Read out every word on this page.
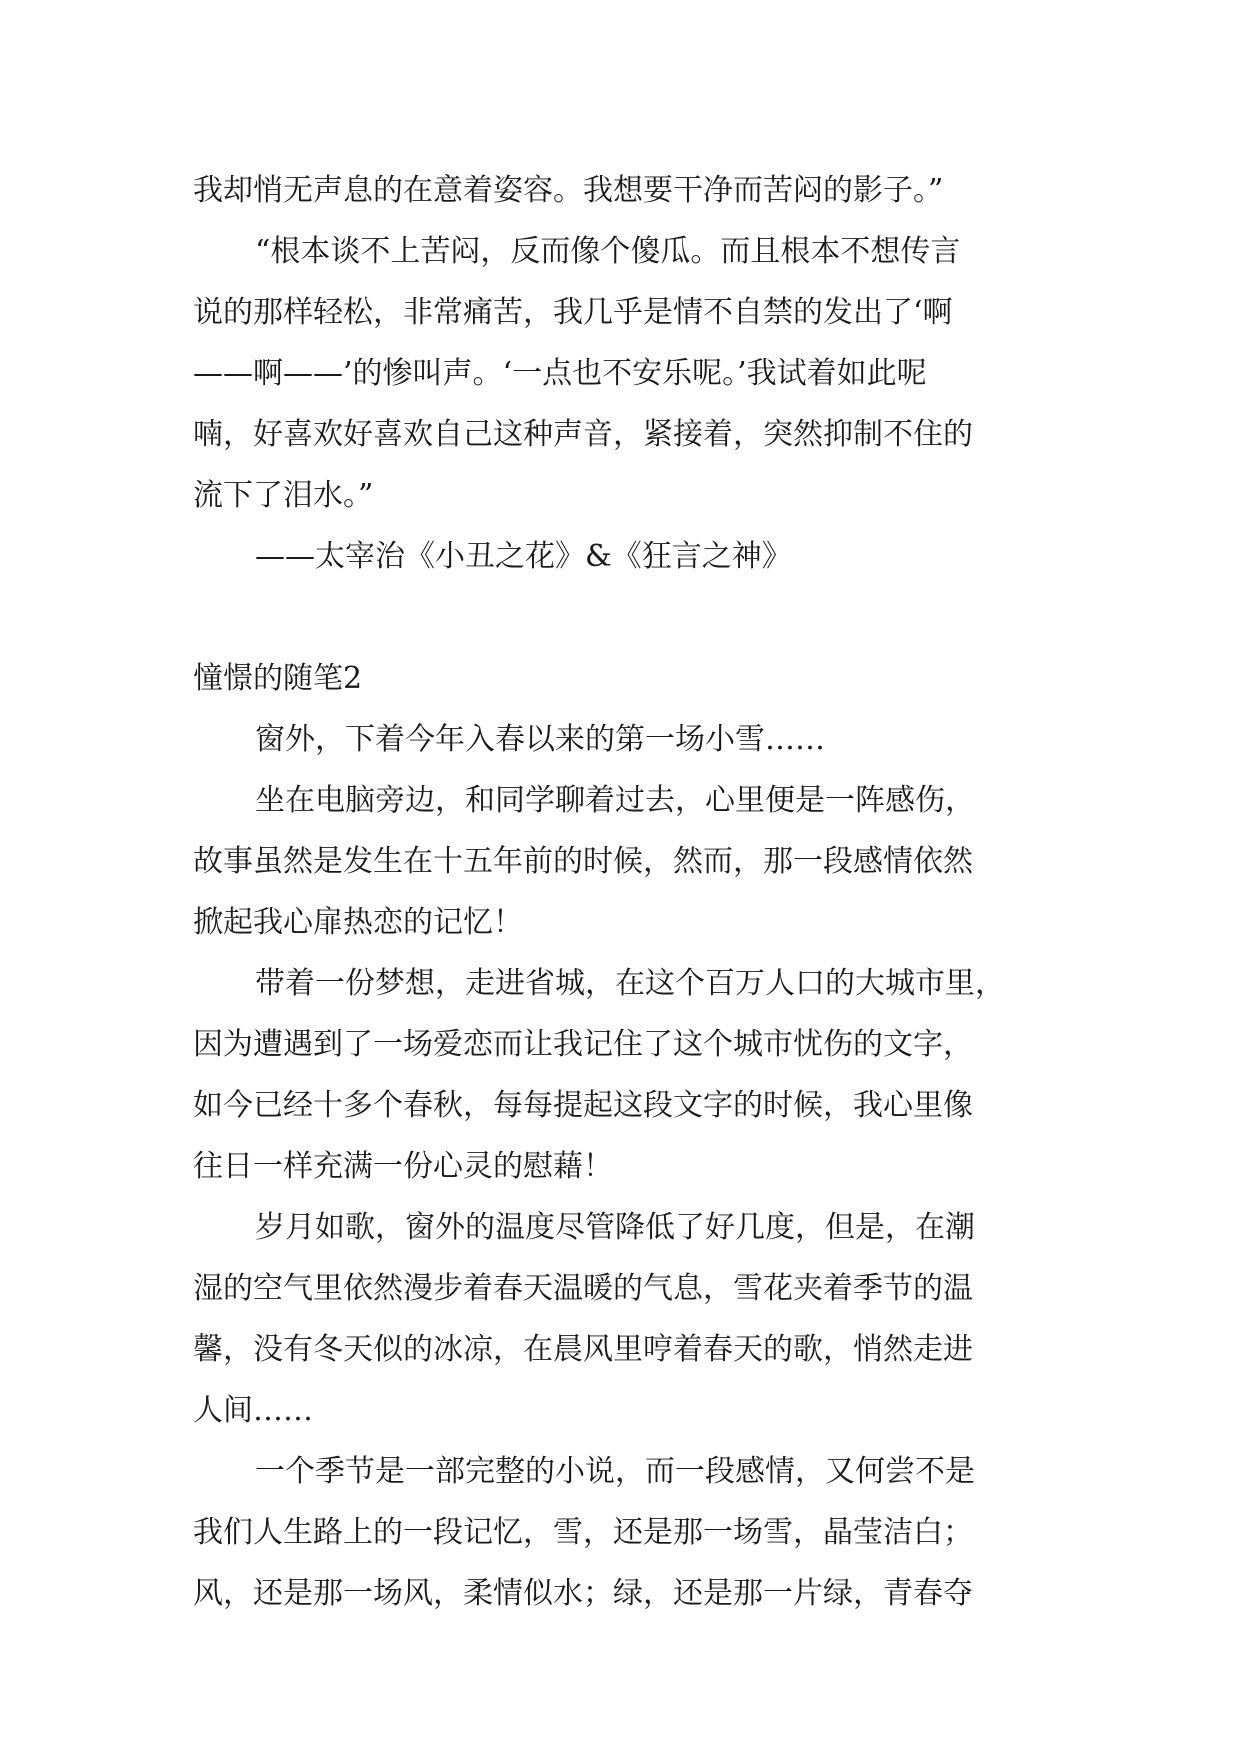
我却悄无声息的在意着姿容。我想要干净而苦闷的影子。”
“根本谈不上苦闷，反而像个傻瓜。而且根本不想传言
说的那样轻松，非常痛苦，我几乎是情不自禁的发出了‘啊
——啊——’的惨叫声。‘一点也不安乐呢。’我试着如此呢
喃，好喜欢好喜欢自己这种声音，紧接着，突然抑制不住的
流下了泪水。”
——太宰治《小丑之花》&《狂言之神》
憧憬的随笔2
窗外，下着今年入春以来的第一场小雪……
坐在电脑旁边，和同学聊着过去，心里便是一阵感伤，
故事虽然是发生在十五年前的时候，然而，那一段感情依然
掀起我心扉热恋的记忆！
带着一份梦想，走进省城，在这个百万人口的大城市里，
因为遭遇到了一场爱恋而让我记住了这个城市忧伤的文字，
如今已经十多个春秋，每每提起这段文字的时候，我心里像
往日一样充满一份心灵的慰藉！
岁月如歌，窗外的温度尽管降低了好几度，但是，在潮
湿的空气里依然漫步着春天温暖的气息，雪花夹着季节的温
馨，没有冬天似的冰凉，在晨风里哼着春天的歌，悄然走进
人间……
一个季节是一部完整的小说，而一段感情，又何尝不是
我们人生路上的一段记忆，雪，还是那一场雪，晶莹洁白；
风，还是那一场风，柔情似水；绿，还是那一片绿，青春夺
